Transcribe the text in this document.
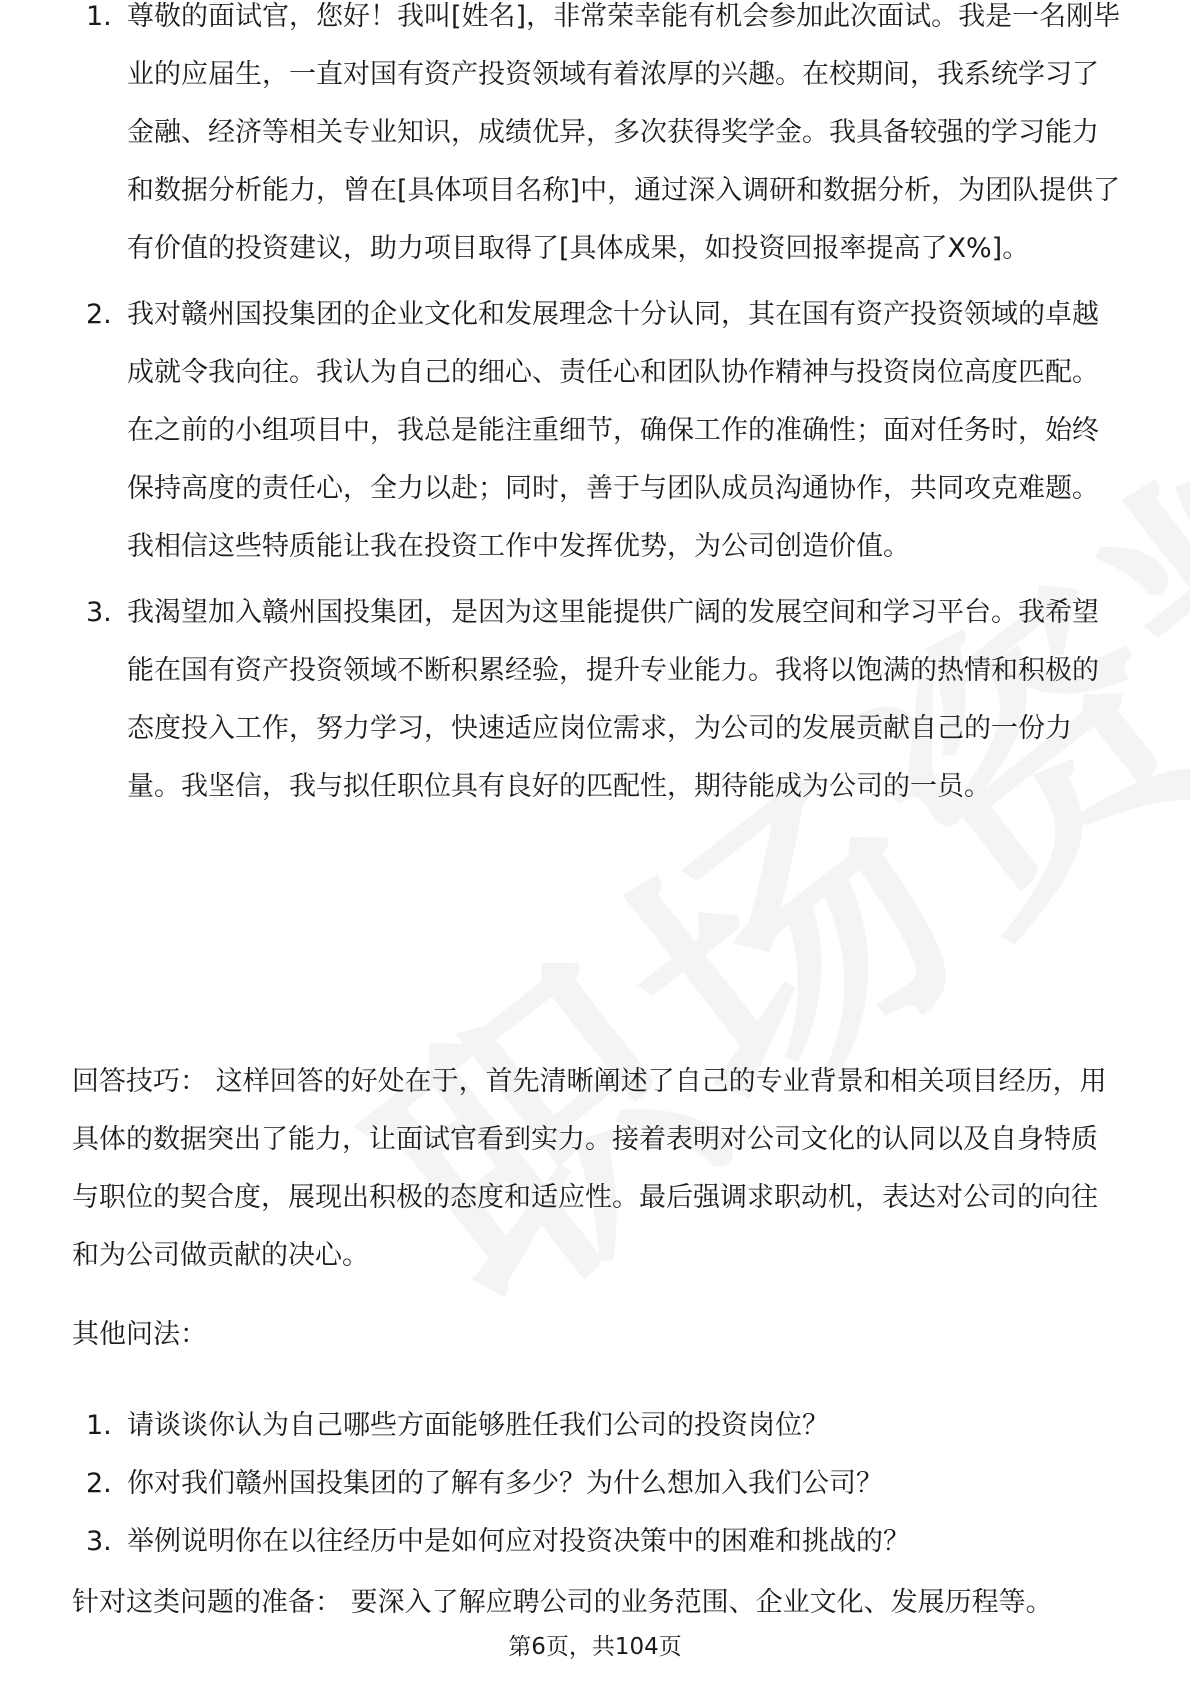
1. 尊敬的面试官，您好！我叫[姓名]，非常荣幸能有机会参加此次面试。我是一名刚毕业的应届生，一直对国有资产投资领域有着浓厚的兴趣。在校期间，我系统学习了金融、经济等相关专业知识，成绩优异，多次获得奖学金。我具备较强的学习能力和数据分析能力，曾在[具体项目名称]中，通过深入调研和数据分析，为团队提供了有价值的投资建议，助力项目取得了[具体成果，如投资回报率提高了X%]。
2. 我对赣州国投集团的企业文化和发展理念十分认同，其在国有资产投资领域的卓越成就令我向往。我认为自己的细心、责任心和团队协作精神与投资岗位高度匹配。在之前的小组项目中，我总是能注重细节，确保工作的准确性；面对任务时，始终保持高度的责任心，全力以赴；同时，善于与团队成员沟通协作，共同攻克难题。我相信这些特质能让我在投资工作中发挥优势，为公司创造价值。
3. 我渴望加入赣州国投集团，是因为这里能提供广阔的发展空间和学习平台。我希望能在国有资产投资领域不断积累经验，提升专业能力。我将以饱满的热情和积极的态度投入工作，努力学习，快速适应岗位需求，为公司的发展贡献自己的一份力量。我坚信，我与拟任职位具有良好的匹配性，期待能成为公司的一员。
回答技巧： 这样回答的好处在于，首先清晰阐述了自己的专业背景和相关项目经历，用具体的数据突出了能力，让面试官看到实力。接着表明对公司文化的认同以及自身特质与职位的契合度，展现出积极的态度和适应性。最后强调求职动机，表达对公司的向往和为公司做贡献的决心。
其他问法：
1. 请谈谈你认为自己哪些方面能够胜任我们公司的投资岗位？
2. 你对我们赣州国投集团的了解有多少？为什么想加入我们公司？
3. 举例说明你在以往经历中是如何应对投资决策中的困难和挑战的？
针对这类问题的准备： 要深入了解应聘公司的业务范围、企业文化、发展历程等。
第6页，共104页
